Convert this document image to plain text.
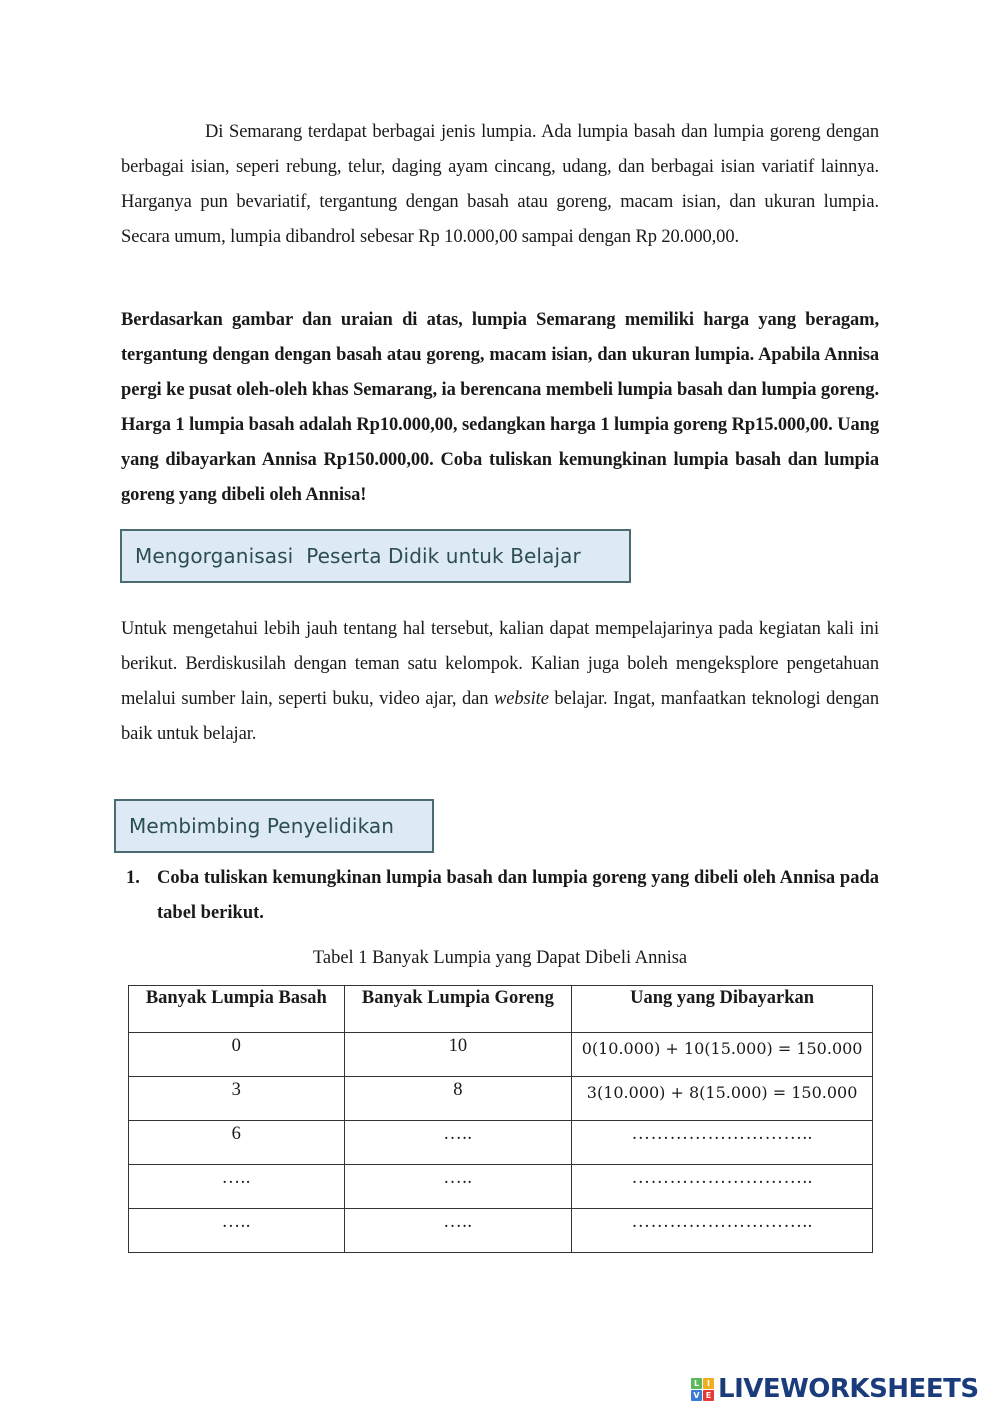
Di Semarang terdapat berbagai jenis lumpia. Ada lumpia basah dan lumpia goreng dengan berbagai isian, seperi rebung, telur, daging ayam cincang, udang, dan berbagai isian variatif lainnya. Harganya pun bevariatif, tergantung dengan basah atau goreng, macam isian, dan ukuran lumpia. Secara umum, lumpia dibandrol sebesar Rp 10.000,00 sampai dengan Rp 20.000,00.

Berdasarkan gambar dan uraian di atas, lumpia Semarang memiliki harga yang beragam, tergantung dengan dengan basah atau goreng, macam isian, dan ukuran lumpia. Apabila Annisa pergi ke pusat oleh-oleh khas Semarang, ia berencana membeli lumpia basah dan lumpia goreng. Harga 1 lumpia basah adalah Rp10.000,00, sedangkan harga 1 lumpia goreng Rp15.000,00. Uang yang dibayarkan Annisa Rp150.000,00. Coba tuliskan kemungkinan lumpia basah dan lumpia goreng yang dibeli oleh Annisa!

Mengorganisasi  Peserta Didik untuk Belajar

Untuk mengetahui lebih jauh tentang hal tersebut, kalian dapat mempelajarinya pada kegiatan kali ini berikut. Berdiskusilah dengan teman satu kelompok. Kalian juga boleh mengeksplore pengetahuan melalui sumber lain, seperti buku, video ajar, dan website belajar. Ingat, manfaatkan teknologi dengan baik untuk belajar.

Membimbing Penyelidikan
1. Coba tuliskan kemungkinan lumpia basah dan lumpia goreng yang dibeli oleh Annisa pada tabel berikut.
Tabel 1 Banyak Lumpia yang Dapat Dibeli Annisa
Banyak Lumpia Basah	Banyak Lumpia Goreng	Uang yang Dibayarkan
0	10	0(10.000) + 10(15.000) = 150.000
3	8	3(10.000) + 8(15.000) = 150.000
6	…..	………………………..
…..	…..	………………………..
…..	…..	………………………..
L I
V E LIVEWORKSHEETS
